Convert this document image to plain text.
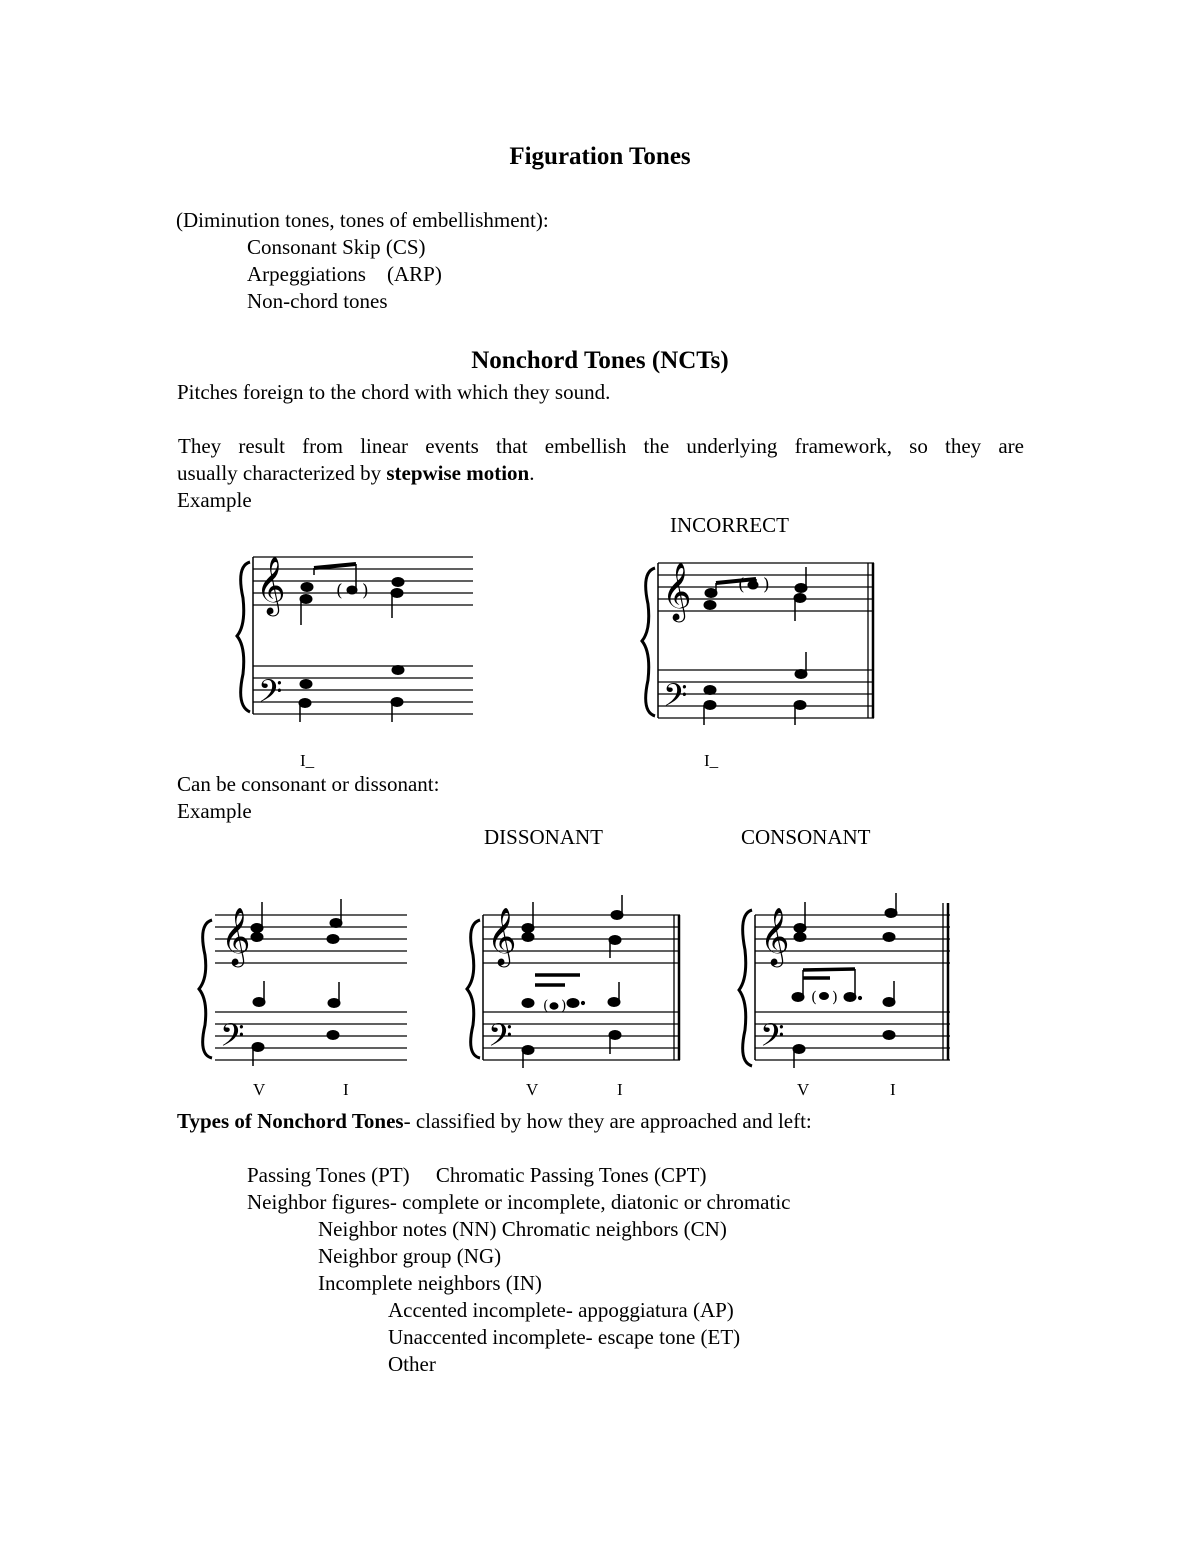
Figuration Tones
(Diminution tones, tones of embellishment):
Consonant Skip (CS)
Arpeggiations    (ARP)
Non-chord tones
Nonchord Tones (NCTs)
Pitches foreign to the chord with which they sound.
They result from linear events that embellish the underlying framework, so they are
usually characterized by stepwise motion.
Example
INCORRECT
𝄞
𝄢
( )	𝄞
𝄢
( )
𝄞
𝄢
𝄞
𝄢
( )
𝄞
𝄢
( )
I_	I_
Can be consonant or dissonant:
Example
DISSONANT	CONSONANT
V	I	V	I	V	I
Types of Nonchord Tones- classified by how they are approached and left:
Passing Tones (PT)     Chromatic Passing Tones (CPT)
Neighbor figures- complete or incomplete, diatonic or chromatic
Neighbor notes (NN) Chromatic neighbors (CN)
Neighbor group (NG)
Incomplete neighbors (IN)
Accented incomplete- appoggiatura (AP)
Unaccented incomplete- escape tone (ET)
Other
